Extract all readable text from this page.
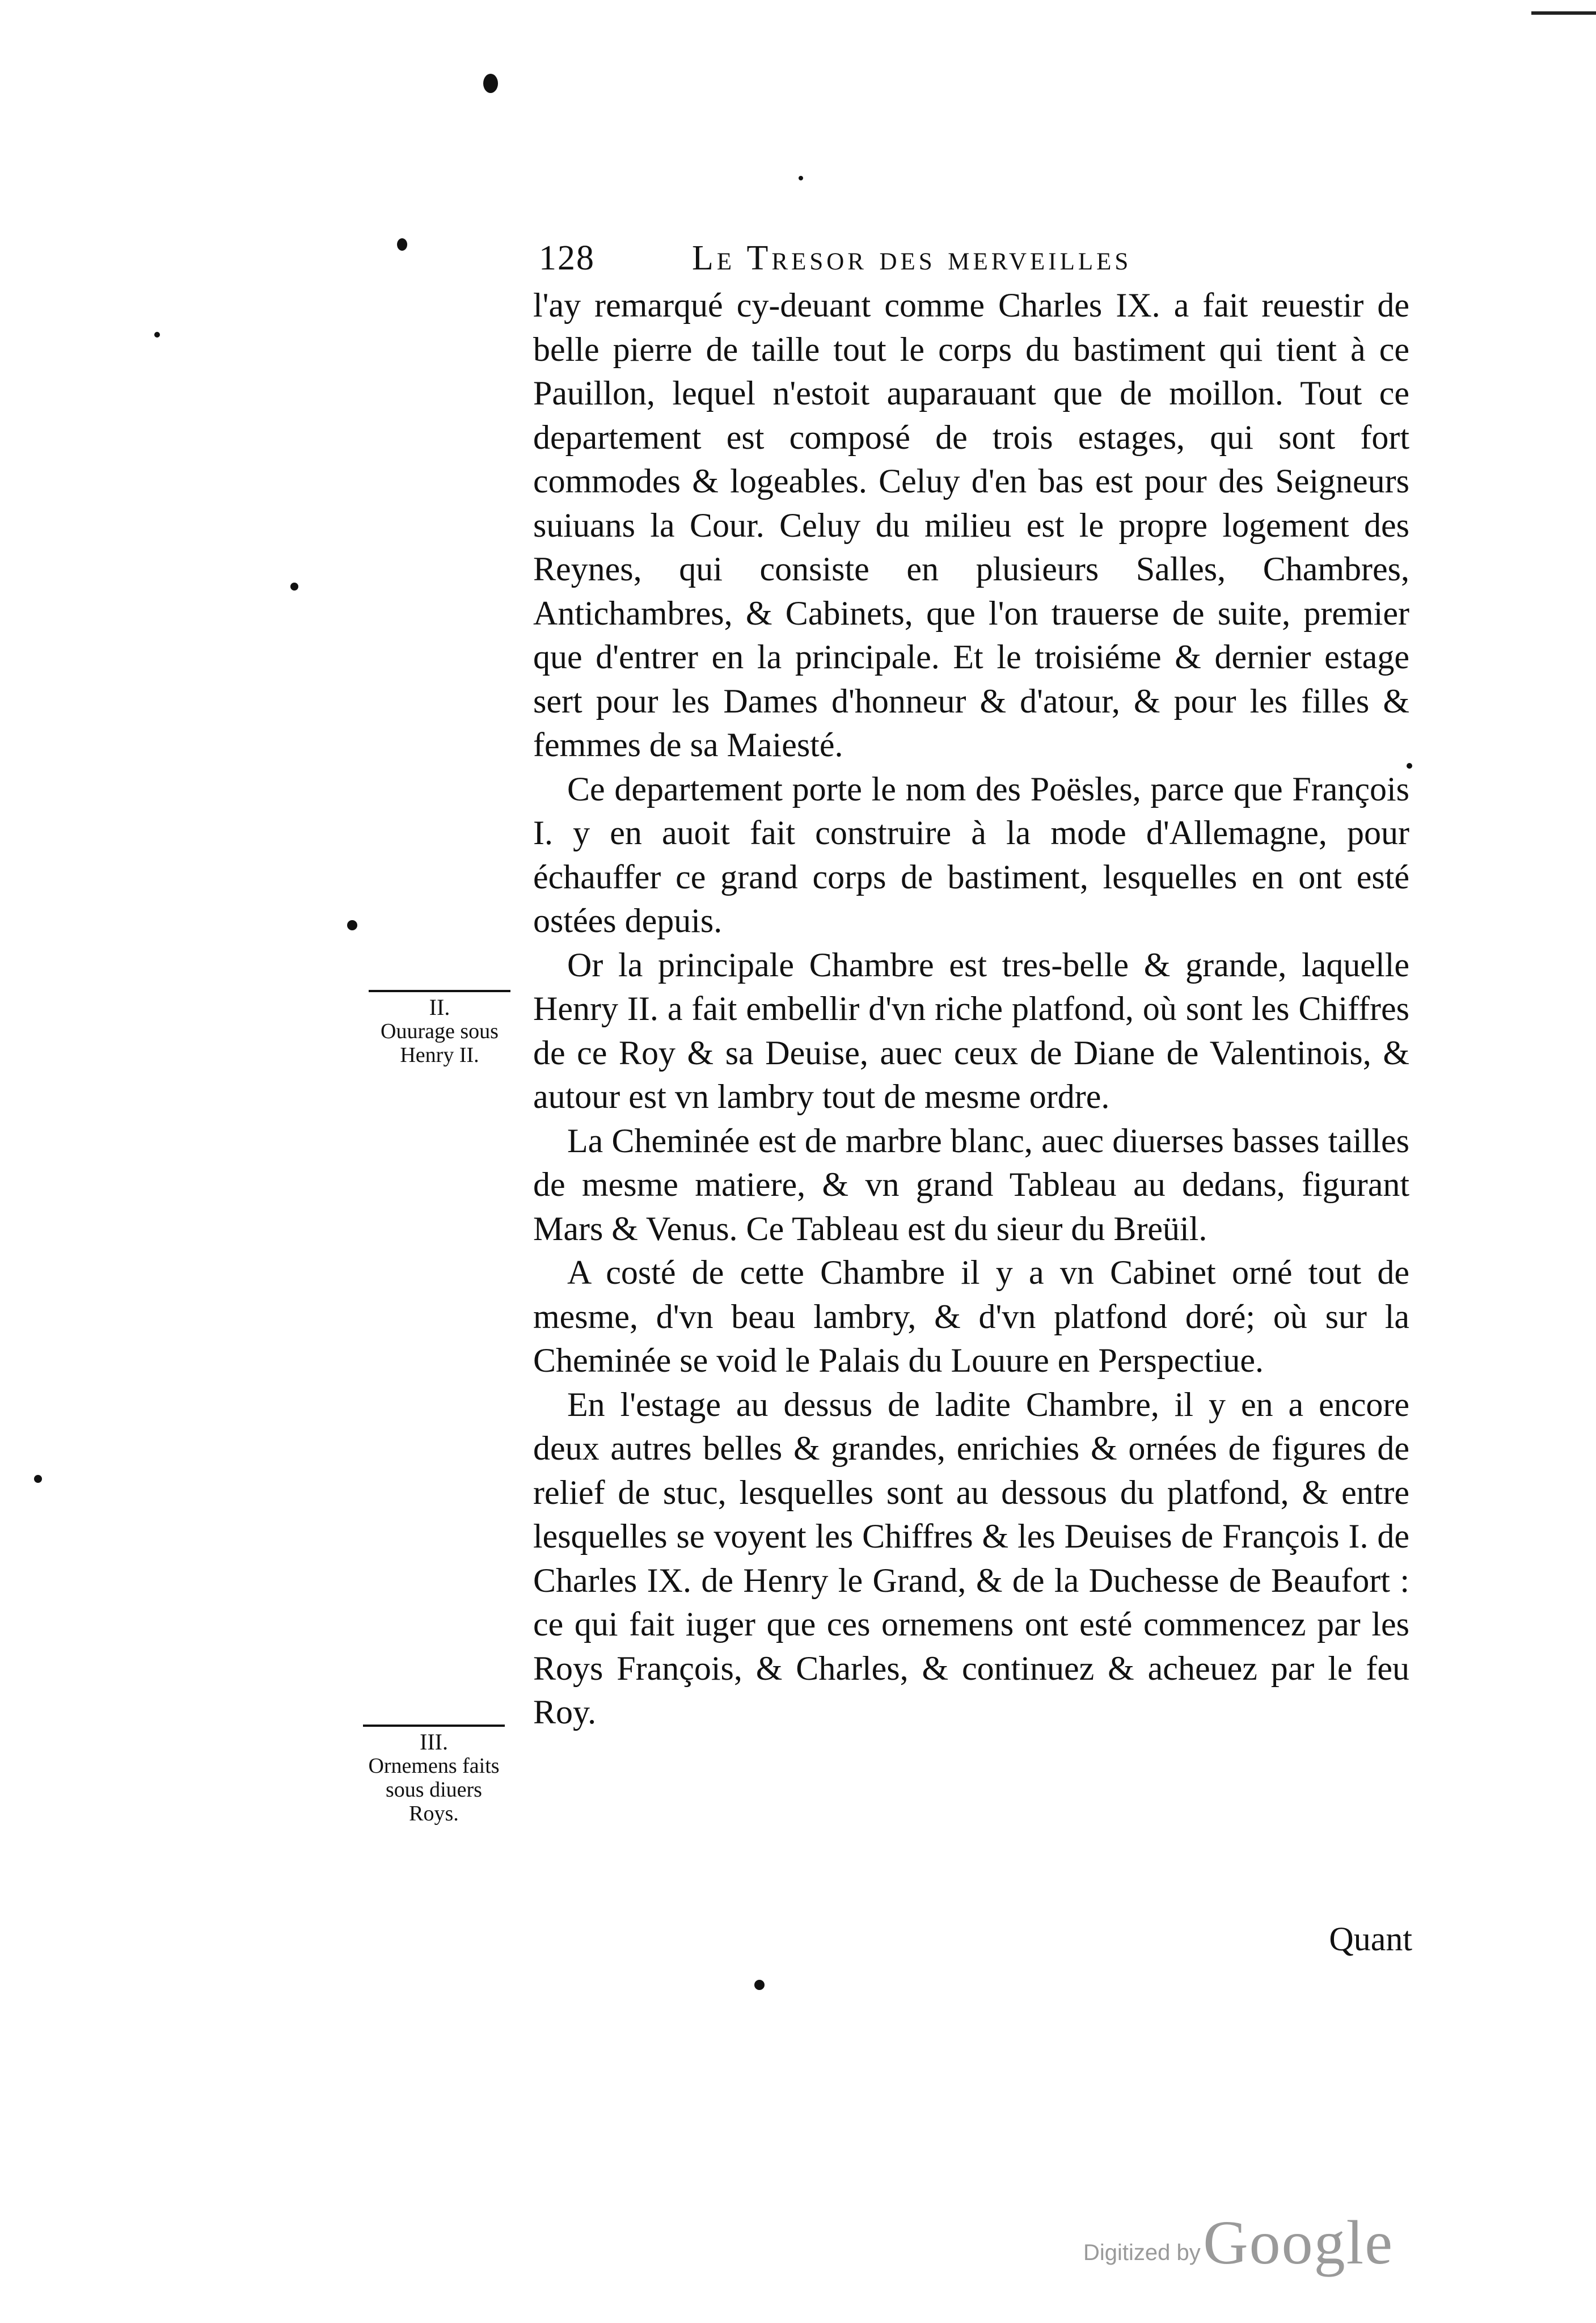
128	Le Tresor des merveilles
II.
Ouurage sous Henry II.
III.
Ornemens faits sous diuers Roys.

l'ay remarqué cy-deuant comme Charles IX. a fait reuestir de belle pierre de taille tout le corps du bastiment qui tient à ce Pauillon, lequel n'estoit auparauant que de moillon. Tout ce departement est composé de trois estages, qui sont fort commodes & logeables. Celuy d'en bas est pour des Seigneurs suiuans la Cour. Celuy du milieu est le propre logement des Reynes, qui consiste en plusieurs Salles, Chambres, Antichambres, & Cabinets, que l'on trauerse de suite, premier que d'entrer en la principale. Et le troisiéme & dernier estage sert pour les Dames d'honneur & d'atour, & pour les filles & femmes de sa Maiesté.

Ce departement porte le nom des Poësles, parce que François I. y en auoit fait construire à la mode d'Allemagne, pour échauffer ce grand corps de bastiment, lesquelles en ont esté ostées depuis.

Or la principale Chambre est tres-belle & grande, laquelle Henry II. a fait embellir d'vn riche platfond, où sont les Chiffres de ce Roy & sa Deuise, auec ceux de Diane de Valentinois, & autour est vn lambry tout de mesme ordre.

La Cheminée est de marbre blanc, auec diuerses basses tailles de mesme matiere, & vn grand Tableau au dedans, figurant Mars & Venus. Ce Tableau est du sieur du Breüil.

A costé de cette Chambre il y a vn Cabinet orné tout de mesme, d'vn beau lambry, & d'vn platfond doré; où sur la Cheminée se void le Palais du Louure en Perspectiue.

En l'estage au dessus de ladite Chambre, il y en a encore deux autres belles & grandes, enrichies & ornées de figures de relief de stuc, lesquelles sont au dessous du platfond, & entre lesquelles se voyent les Chiffres & les Deuises de François I. de Charles IX. de Henry le Grand, & de la Duchesse de Beaufort : ce qui fait iuger que ces ornemens ont esté commencez par les Roys François, & Charles, & continuez & acheuez par le feu Roy.

Quant
Digitized by Google
